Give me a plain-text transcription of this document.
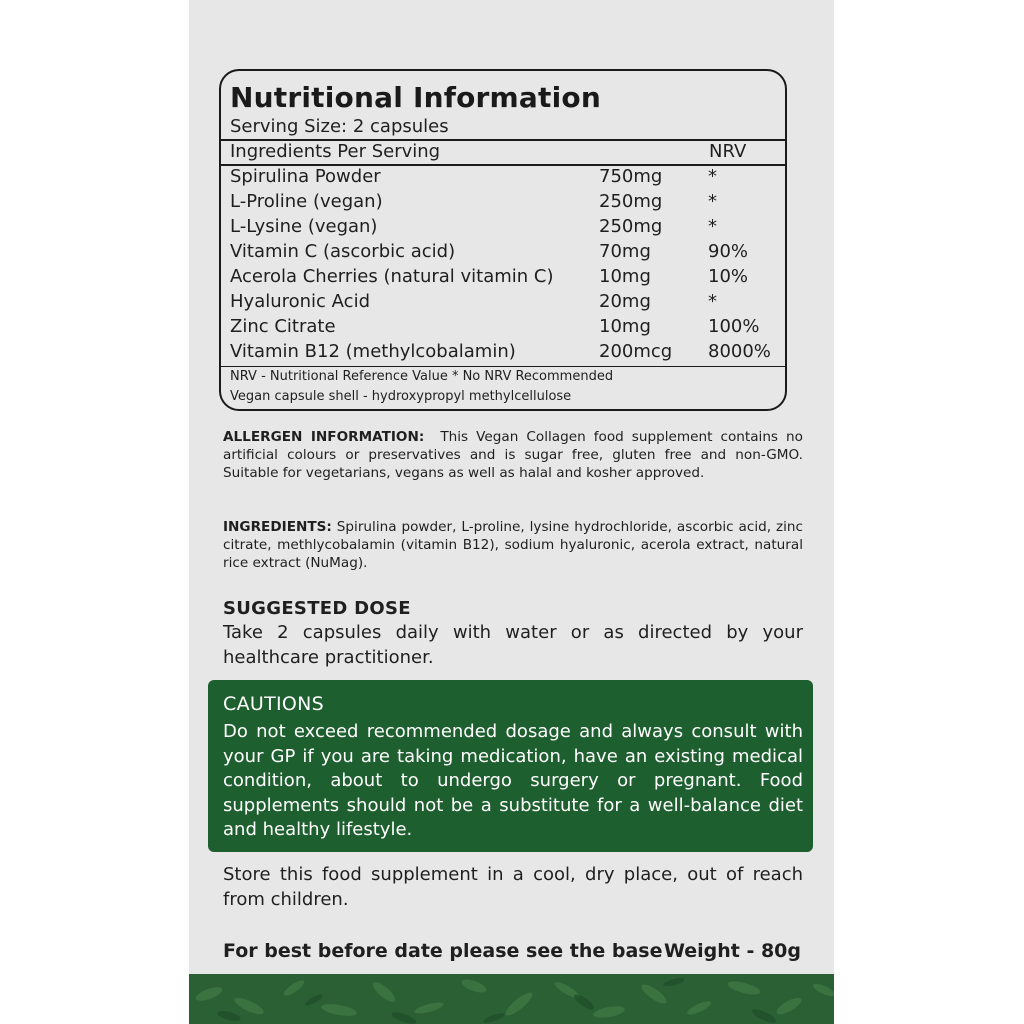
Nutritional Information
Serving Size: 2 capsules
Ingredients Per Serving	NRV
Spirulina Powder	750mg	*
L-Proline (vegan)	250mg	*
L-Lysine (vegan)	250mg	*
Vitamin C (ascorbic acid)	70mg	90%
Acerola Cherries (natural vitamin C)	10mg	10%
Hyaluronic Acid	20mg	*
Zinc Citrate	10mg	100%
Vitamin B12 (methylcobalamin)	200mcg 8000%
NRV - Nutritional Reference Value * No NRV Recommended
Vegan capsule shell - hydroxypropyl methylcellulose
ALLERGEN INFORMATION: This Vegan Collagen food supplement contains no artificial colours or preservatives and is sugar free, gluten free and non-GMO. Suitable for vegetarians, vegans as well as halal and kosher approved.
INGREDIENTS: Spirulina powder, L-proline, lysine hydrochloride, ascorbic acid, zinc citrate, methlycobalamin (vitamin B12), sodium hyaluronic, acerola extract, natural rice extract (NuMag).
SUGGESTED DOSE
Take 2 capsules daily with water or as directed by your healthcare practitioner.
CAUTIONS
Do not exceed recommended dosage and always consult with your GP if you are taking medication, have an existing medical condition, about to undergo surgery or pregnant. Food supplements should not be a substitute for a well-balance diet and healthy lifestyle.
Store this food supplement in a cool, dry place, out of reach from children.
For best before date please see the base Weight - 80g
